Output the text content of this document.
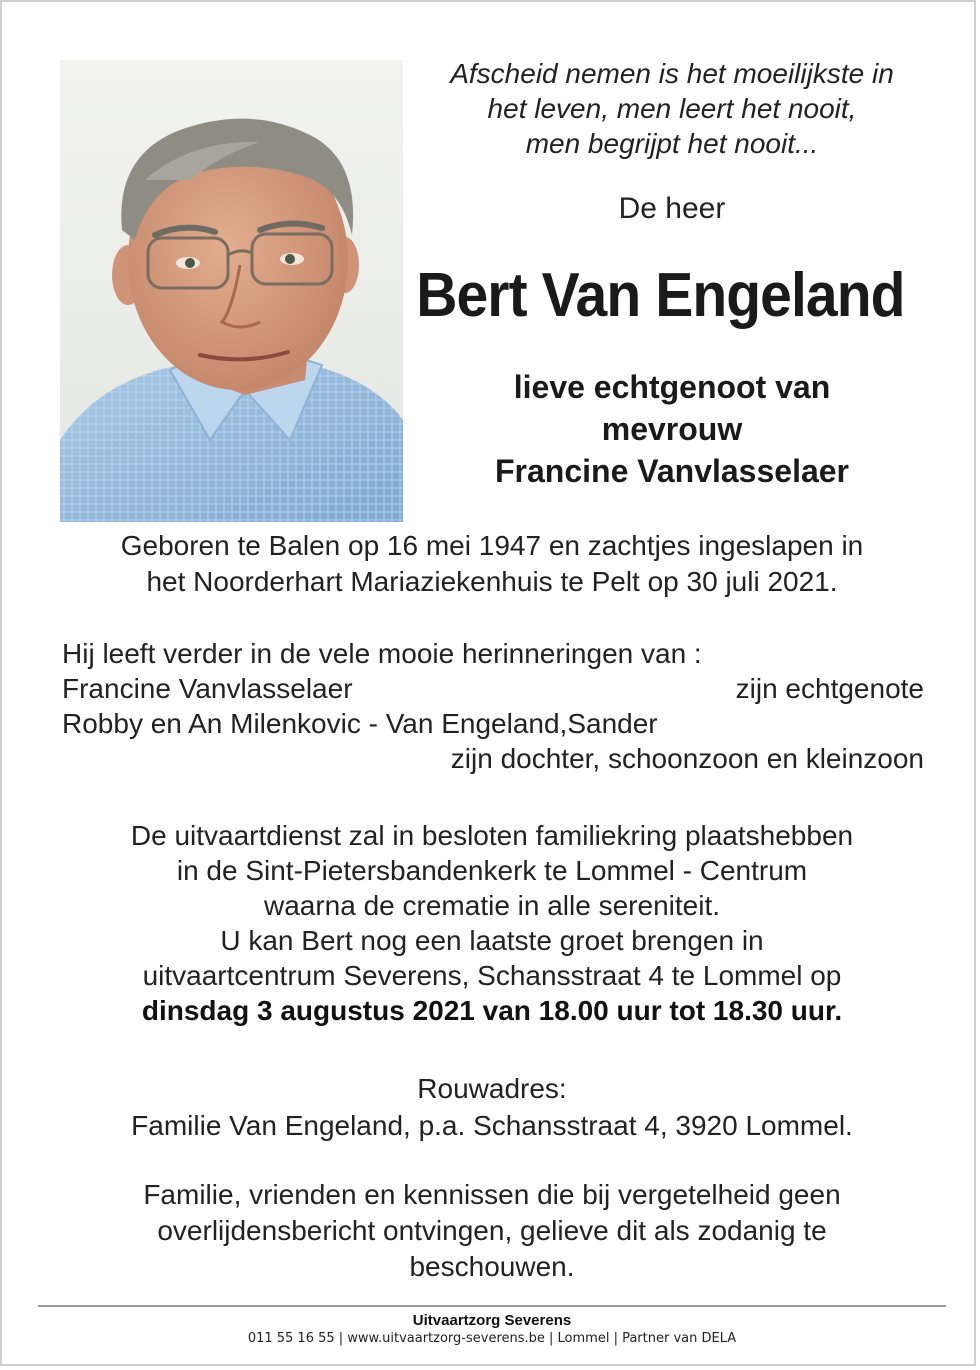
Afscheid nemen is het moeilijkste in
het leven, men leert het nooit,
men begrijpt het nooit...
De heer
Bert Van Engeland
lieve echtgenoot van
mevrouw
Francine Vanvlasselaer
Geboren te Balen op 16 mei 1947 en zachtjes ingeslapen in
het Noorderhart Mariaziekenhuis te Pelt op 30 juli 2021.
Hij leeft verder in de vele mooie herinneringen van :
Francine Vanvlasselaer	zijn echtgenote
Robby en An Milenkovic - Van Engeland,Sander
zijn dochter, schoonzoon en kleinzoon
De uitvaartdienst zal in besloten familiekring plaatshebben
in de Sint-Pietersbandenkerk te Lommel - Centrum
waarna de crematie in alle sereniteit.
U kan Bert nog een laatste groet brengen in
uitvaartcentrum Severens, Schansstraat 4 te Lommel op
dinsdag 3 augustus 2021 van 18.00 uur tot 18.30 uur.
Rouwadres:
Familie Van Engeland, p.a. Schansstraat 4, 3920 Lommel.
Familie, vrienden en kennissen die bij vergetelheid geen
overlijdensbericht ontvingen, gelieve dit als zodanig te
beschouwen.
Uitvaartzorg Severens
011 55 16 55 | www.uitvaartzorg-severens.be | Lommel | Partner van DELA
